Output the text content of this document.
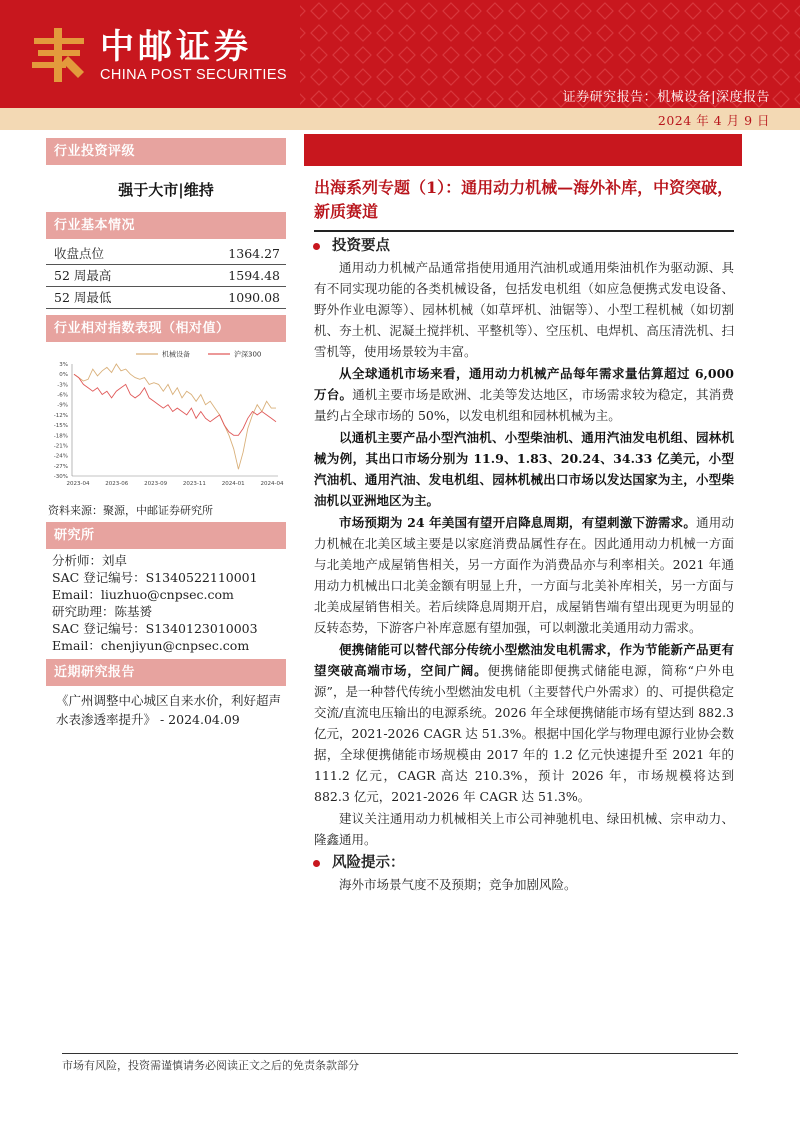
中邮证券
CHINA POST SECURITIES
证券研究报告：机械设备|深度报告
2024 年 4 月 9 日
行业投资评级
强于大市|维持
行业基本情况
收盘点位	1364.27
52 周最高	1594.48
52 周最低	1090.08
行业相对指数表现（相对值）
3%
0%
-3%
-6%
-9%
-12%
-15%
-18%
-21%
-24%
-27%
-30%
2023-04	2023-06	2023-09	2023-11	2024-01	2024-04
机械设备	沪深300
资料来源：聚源，中邮证券研究所
研究所
分析师：刘卓
SAC 登记编号：S1340522110001
Email：liuzhuo@cnpsec.com
研究助理：陈基赟
SAC 登记编号：S1340123010003
Email：chenjiyun@cnpsec.com
近期研究报告
《广州调整中心城区自来水价，利好超声水表渗透率提升》 - 2024.04.09
出海系列专题（1）：通用动力机械—海外补库，中资突破，新质赛道
投资要点

通用动力机械产品通常指使用通用汽油机或通用柴油机作为驱动源、具有不同实现功能的各类机械设备，包括发电机组（如应急便携式发电设备、野外作业电源等）、园林机械（如草坪机、油锯等）、小型工程机械（如切割机、夯土机、泥凝土搅拌机、平整机等）、空压机、电焊机、高压清洗机、扫雪机等，使用场景较为丰富。

从全球通机市场来看，通用动力机械产品每年需求量估算超过 6,000 万台。通机主要市场是欧洲、北美等发达地区，市场需求较为稳定，其消费量约占全球市场的 50%，以发电机组和园林机械为主。

以通机主要产品小型汽油机、小型柴油机、通用汽油发电机组、园林机械为例，其出口市场分别为 11.9、1.83、20.24、34.33 亿美元，小型汽油机、通用汽油、发电机组、园林机械出口市场以发达国家为主，小型柴油机以亚洲地区为主。

市场预期为 24 年美国有望开启降息周期，有望刺激下游需求。通用动力机械在北美区域主要是以家庭消费品属性存在。因此通用动力机械一方面与北美地产成屋销售相关，另一方面作为消费品亦与利率相关。2021 年通用动力机械出口北美金额有明显上升，一方面与北美补库相关，另一方面与北美成屋销售相关。若后续降息周期开启，成屋销售端有望出现更为明显的反转态势，下游客户补库意愿有望加强，可以刺激北美通用动力需求。

便携储能可以替代部分传统小型燃油发电机需求，作为节能新产品更有望突破高端市场，空间广阔。便携储能即便携式储能电源，简称“户外电源”，是一种替代传统小型燃油发电机（主要替代户外需求）的、可提供稳定交流/直流电压输出的电源系统。2026 年全球便携储能市场有望达到 882.3 亿元，2021-2026 CAGR 达 51.3%。根据中国化学与物理电源行业协会数据，全球便携储能市场规模由 2017 年的 1.2 亿元快速提升至 2021 年的 111.2 亿元，CAGR 高达 210.3%，预计 2026 年，市场规模将达到 882.3 亿元，2021-2026 年 CAGR 达 51.3%。

建议关注通用动力机械相关上市公司神驰机电、绿田机械、宗申动力、隆鑫通用。

风险提示：

海外市场景气度不及预期；竞争加剧风险。

市场有风险，投资需谨慎请务必阅读正文之后的免责条款部分
